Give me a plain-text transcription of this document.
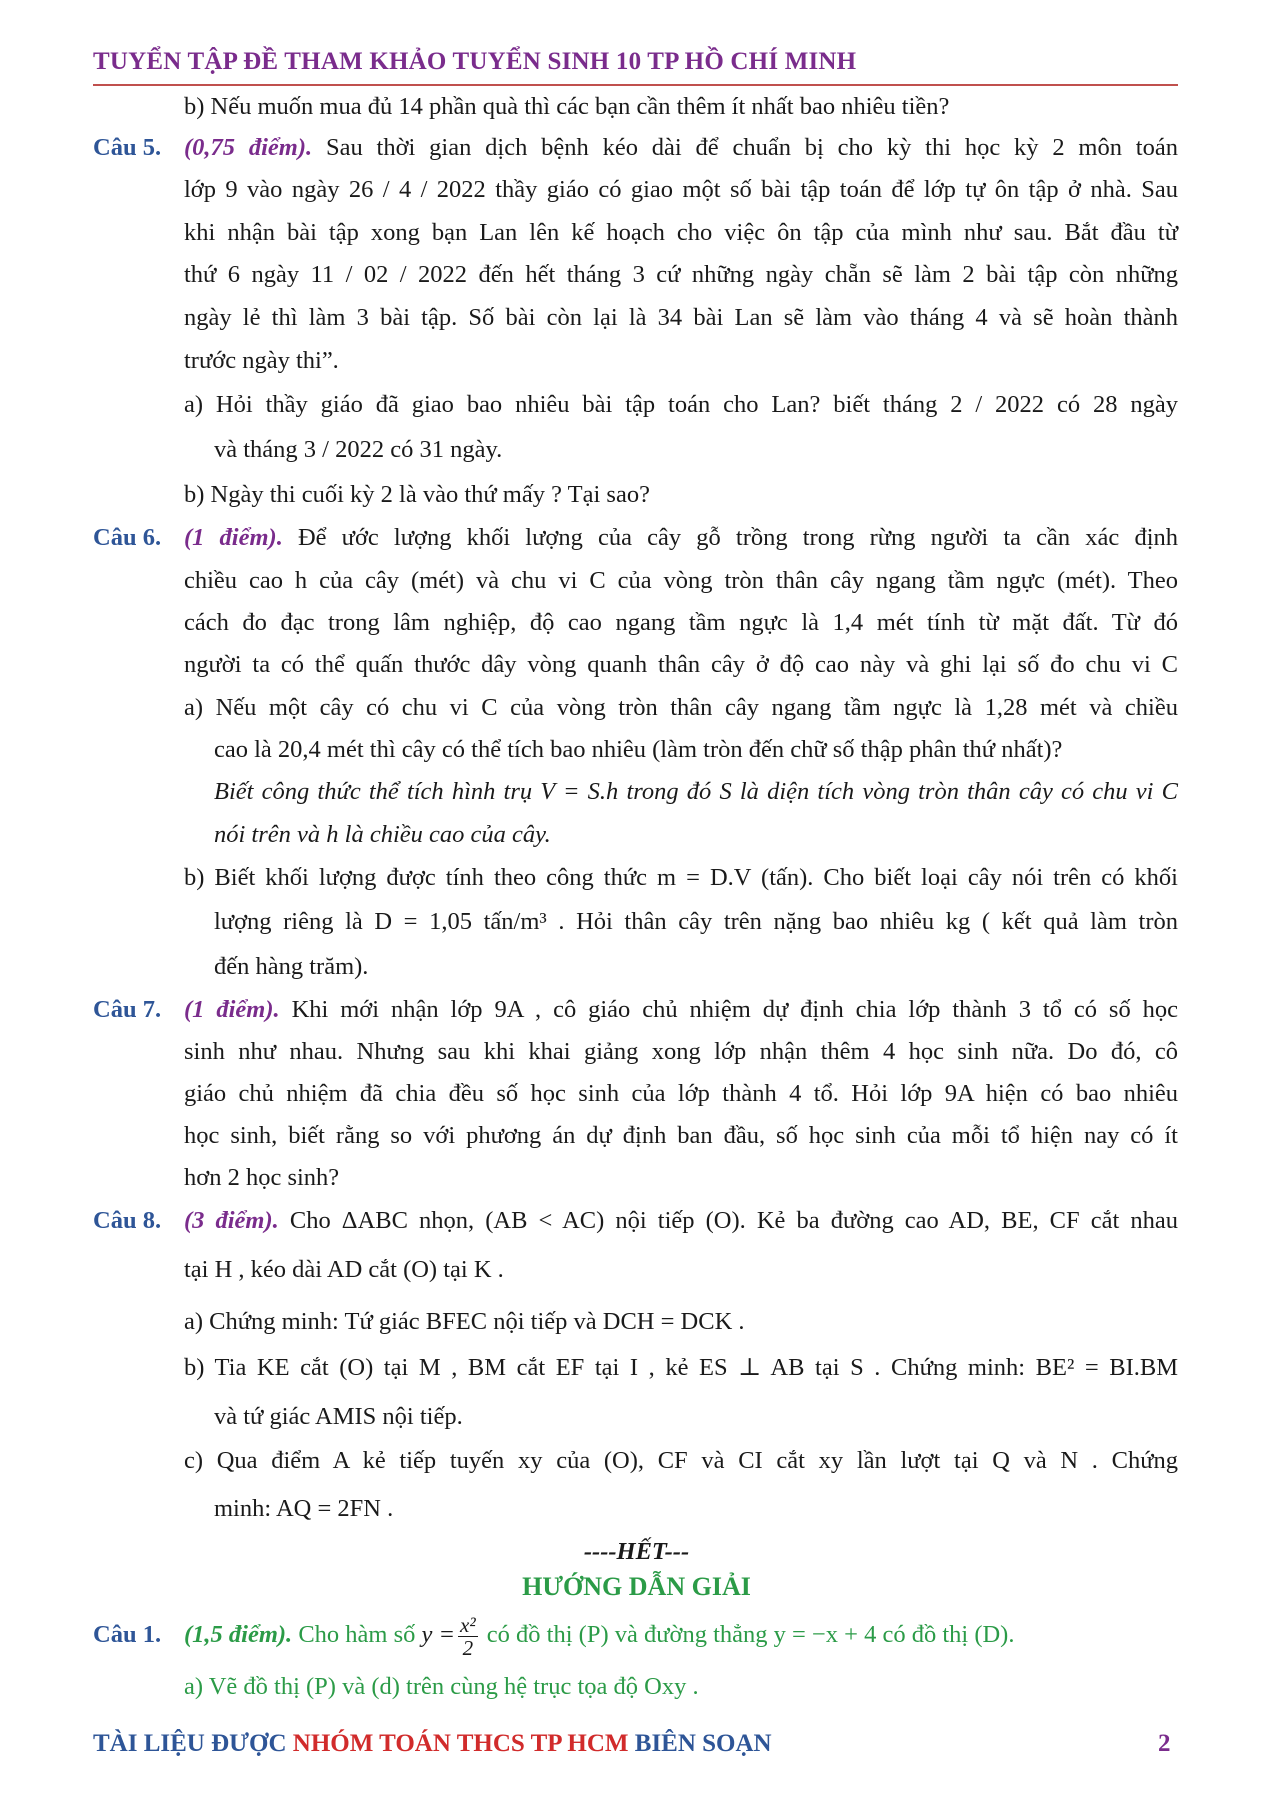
TUYỂN TẬP ĐỀ THAM KHẢO TUYỂN SINH 10 TP HỒ CHÍ MINH
b) Nếu muốn mua đủ 14 phần quà thì các bạn cần thêm ít nhất bao nhiêu tiền?
Câu 5. (0,75 điểm). Sau thời gian dịch bệnh kéo dài để chuẩn bị cho kỳ thi học kỳ 2 môn toán
lớp 9 vào ngày 26 / 4 / 2022 thầy giáo có giao một số bài tập toán để lớp tự ôn tập ở nhà. Sau
khi nhận bài tập xong bạn Lan lên kế hoạch cho việc ôn tập của mình như sau. Bắt đầu từ
thứ 6 ngày 11 / 02 / 2022 đến hết tháng 3 cứ những ngày chẵn sẽ làm 2 bài tập còn những
ngày lẻ thì làm 3 bài tập. Số bài còn lại là 34 bài Lan sẽ làm vào tháng 4 và sẽ hoàn thành
trước ngày thi”.
a) Hỏi thầy giáo đã giao bao nhiêu bài tập toán cho Lan? biết tháng 2 / 2022 có 28 ngày
và tháng 3 / 2022 có 31 ngày.
b) Ngày thi cuối kỳ 2 là vào thứ mấy ? Tại sao?
Câu 6. (1 điểm). Để ước lượng khối lượng của cây gỗ trồng trong rừng người ta cần xác định
chiều cao h của cây (mét) và chu vi C của vòng tròn thân cây ngang tầm ngực (mét). Theo
cách đo đạc trong lâm nghiệp, độ cao ngang tầm ngực là 1,4 mét tính từ mặt đất. Từ đó
người ta có thể quấn thước dây vòng quanh thân cây ở độ cao này và ghi lại số đo chu vi C
a) Nếu một cây có chu vi C của vòng tròn thân cây ngang tầm ngực là 1,28 mét và chiều
cao là 20,4 mét thì cây có thể tích bao nhiêu (làm tròn đến chữ số thập phân thứ nhất)?
Biết công thức thể tích hình trụ V = S.h trong đó S là diện tích vòng tròn thân cây có chu vi C
nói trên và h là chiều cao của cây.
b) Biết khối lượng được tính theo công thức m = D.V (tấn). Cho biết loại cây nói trên có khối
lượng riêng là D = 1,05 tấn/m³ . Hỏi thân cây trên nặng bao nhiêu kg ( kết quả làm tròn
đến hàng trăm).
Câu 7. (1 điểm). Khi mới nhận lớp 9A , cô giáo chủ nhiệm dự định chia lớp thành 3 tổ có số học
sinh như nhau. Nhưng sau khi khai giảng xong lớp nhận thêm 4 học sinh nữa. Do đó, cô
giáo chủ nhiệm đã chia đều số học sinh của lớp thành 4 tổ. Hỏi lớp 9A hiện có bao nhiêu
học sinh, biết rằng so với phương án dự định ban đầu, số học sinh của mỗi tổ hiện nay có ít
hơn 2 học sinh?
Câu 8. (3 điểm). Cho ΔABC nhọn, (AB < AC) nội tiếp (O). Kẻ ba đường cao AD, BE, CF cắt nhau
tại H , kéo dài AD cắt (O) tại K .
a) Chứng minh: Tứ giác BFEC nội tiếp và DCH = DCK .
b) Tia KE cắt (O) tại M , BM cắt EF tại I , kẻ ES ⊥ AB tại S . Chứng minh: BE² = BI.BM
và tứ giác AMIS nội tiếp.
c) Qua điểm A kẻ tiếp tuyến xy của (O), CF và CI cắt xy lần lượt tại Q và N . Chứng
minh: AQ = 2FN .
----HẾT---
HƯỚNG DẪN GIẢI
Câu 1. (1,5 điểm). Cho hàm số $y = \frac{\text{x²}}{2}$ có đồ thị (P) và đường thẳng y = −x + 4 có đồ thị (D).
a) Vẽ đồ thị (P) và (d) trên cùng hệ trục tọa độ Oxy .
TÀI LIỆU ĐƯỢC NHÓM TOÁN THCS TP HCM BIÊN SOẠN	2
